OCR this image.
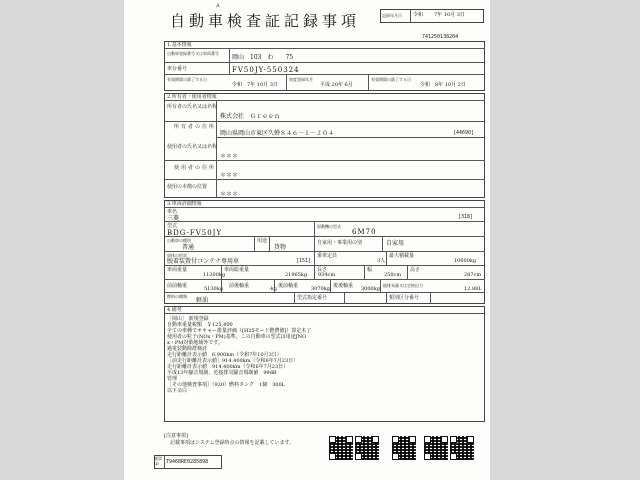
A
自動車検査証記録事項	記録年月日 令和 7年 10月 3日
741250138204
1.基本情報
自動車登録番号又は車両番号
岡山　103　わ　　75
車台番号	FV50JY-550324
有効期間の満了する日
令和　7年 10月 3日
初度登録年月
平成 20年 6月
有効期間の満了する日
令和　8年 10月 2日
2.所有者・使用者情報
所有者の氏名又は名称
株式会社　Ｇｒｅｅｎ
所有者の住所
岡山県岡山市東区久蝉８４６－１－２０４	[44690]
使用者の氏名又は名称
＊＊＊
使用者の住所
＊＊＊
使用の本拠の位置
＊＊＊
3.車両詳細情報
車名
三菱	[318]
型式
BDG-FV50JY
原動機の型式
6M70
自動車の種別
普通
用途
貨物
自家用・事業用の別	自家用
車体の形状
脱着装置付コンテナ専用車	[151]
乗車定員
3人
最大積載量
10600kg
車両重量
11200kg
車両総重量
21965kg
長さ
934cm
幅
250cm
高さ
287cm
前前軸重	5130kg 前後軸重	-kg 後前軸重	3070kg 後後軸重 3000kg
総排気量又は定格出力
12.88L
燃料の種類
軽油	型式指定番号	類別区分番号
4.備考
［岡山］ 新規登録
自動車重量税額　￥125,400
全ての車種でオキャー排量評価（[H25モード燃費値]）算定木了
使用者の粒子(NOx・PM)基準、この自動車の型式は用途JNO
x・PM対策地域外です。
過電装動除群検討
走行距離計表示値　6,900km（令和7年10月3日）
［前走行距離計表示値］914,400km（令和6年7月23日）
走行距離計表示値　914,400km（令和6年7月23日）
平成13年騒音規制、近接排気騒音規制値　99dB
管理
［その他検査事項］（920）燃料タンク　1個　300L
以下余白
[注意事項]
記載事項はシステム登録時点の情報を記載しています。
帳票ID	T9468RE0285898
